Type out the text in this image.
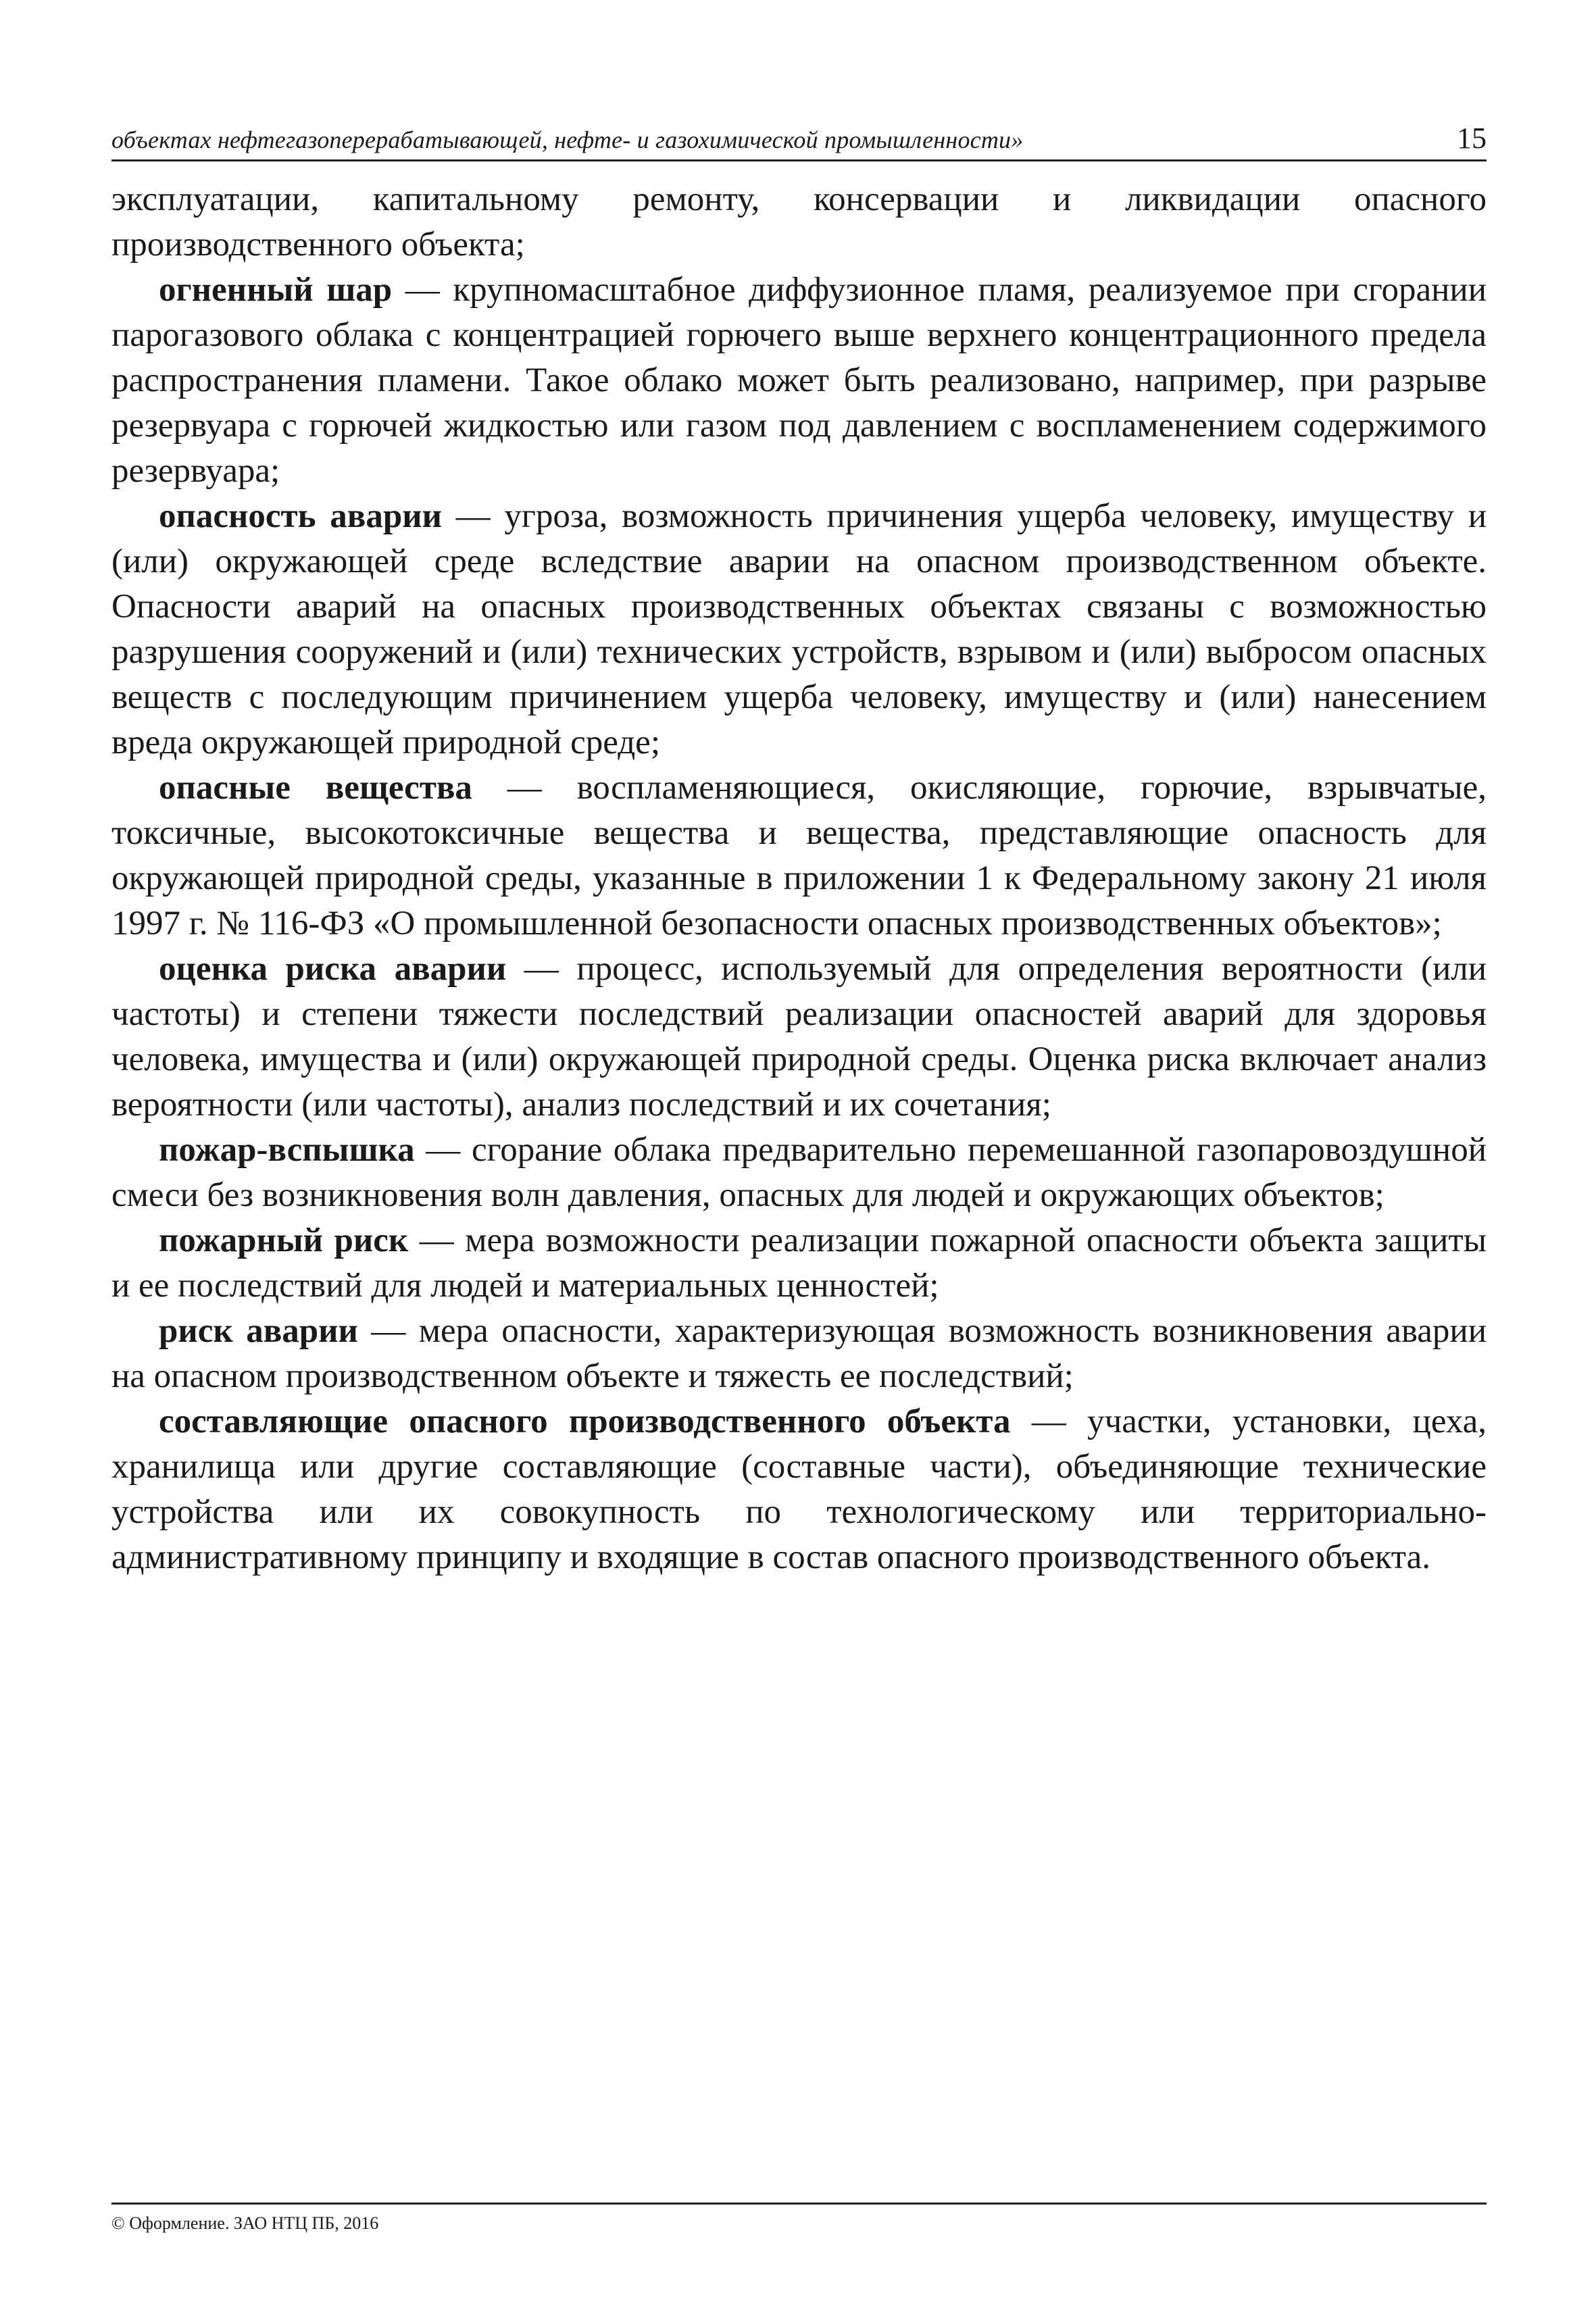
объектах нефтегазоперерабатывающей, нефте- и газохимической промышленности»	15

эксплуатации, капитальному ремонту, консервации и ликвидации опасного производственного объекта;

огненный шар — крупномасштабное диффузионное пламя, реализуемое при сгорании парогазового облака с концентрацией горючего выше верхнего концентрационного предела распространения пламени. Такое облако может быть реализовано, например, при разрыве резервуара с горючей жидкостью или газом под давлением с воспламенением содержимого резервуара;

опасность аварии — угроза, возможность причинения ущерба человеку, имуществу и (или) окружающей среде вследствие аварии на опасном производственном объекте. Опасности аварий на опасных производственных объектах связаны с возможностью разрушения сооружений и (или) технических устройств, взрывом и (или) выбросом опасных веществ с последующим причинением ущерба человеку, имуществу и (или) нанесением вреда окружающей природной среде;

опасные вещества — воспламеняющиеся, окисляющие, горючие, взрывчатые, токсичные, высокотоксичные вещества и вещества, представляющие опасность для окружающей природной среды, указанные в приложении 1 к Федеральному закону 21 июля 1997 г. № 116-ФЗ «О промышленной безопасности опасных производственных объектов»;

оценка риска аварии — процесс, используемый для определения вероятности (или частоты) и степени тяжести последствий реализации опасностей аварий для здоровья человека, имущества и (или) окружающей природной среды. Оценка риска включает анализ вероятности (или частоты), анализ последствий и их сочетания;

пожар-вспышка — сгорание облака предварительно перемешанной газопаровоздушной смеси без возникновения волн давления, опасных для людей и окружающих объектов;

пожарный риск — мера возможности реализации пожарной опасности объекта защиты и ее последствий для людей и материальных ценностей;

риск аварии — мера опасности, характеризующая возможность возникновения аварии на опасном производственном объекте и тяжесть ее последствий;

составляющие опасного производственного объекта — участки, установки, цеха, хранилища или другие составляющие (составные части), объединяющие технические устройства или их совокупность по технологическому или территориально-административному принципу и входящие в состав опасного производственного объекта.

© Оформление. ЗАО НТЦ ПБ, 2016
